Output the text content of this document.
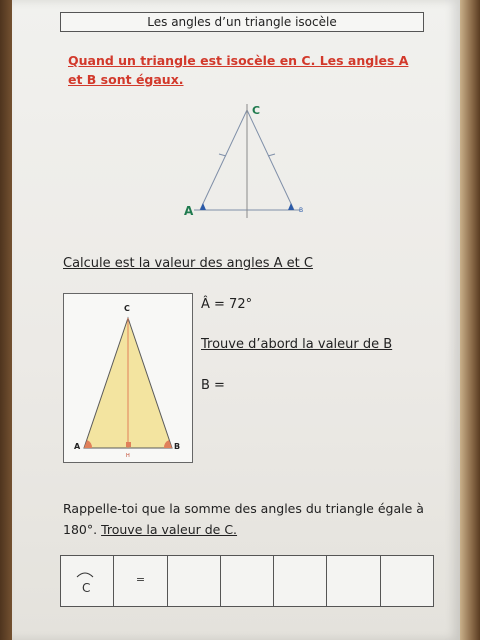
Les angles d’un triangle isocèle
Quand un triangle est isocèle en C. Les angles A
et B sont égaux.
C
A	B
Calcule est la valeur des angles A et C
C
A	B
H
Â = 72°
Trouve d’abord la valeur de B
B =
Rappelle-toi que la somme des angles du triangle égale à 180°. Trouve la valeur de C.
C
=
